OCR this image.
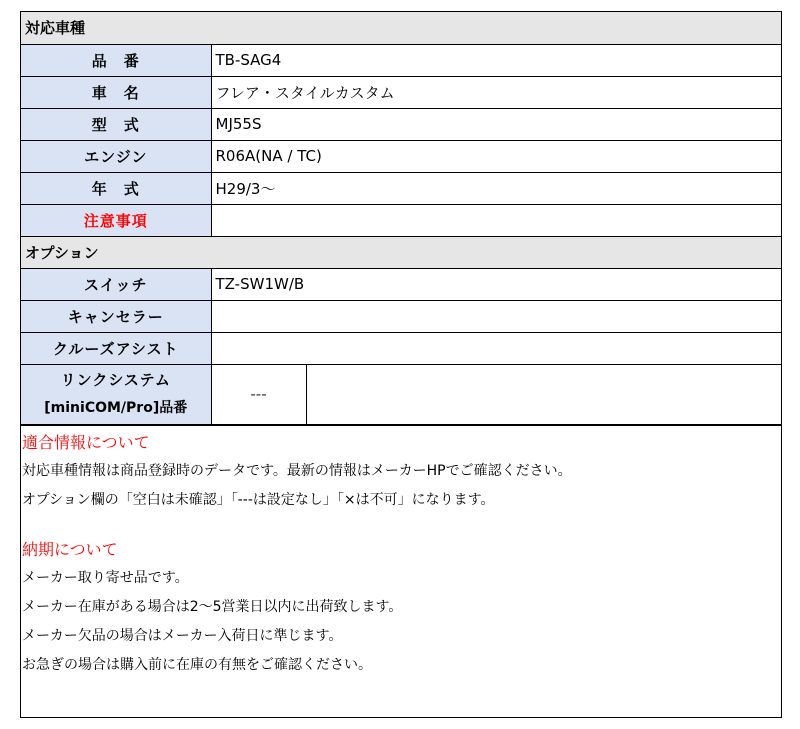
対応車種		
品　番	TB-SAG4	
車　名	フレア・スタイルカスタム	
型　式	MJ55S	
エンジン	R06A(NA / TC)	
年　式	H29/3〜	
注意事項		
オプション		
スイッチ	TZ-SW1W/B	
キャンセラー		
クルーズアシスト		

リンクシステム
[miniCOM/Pro]品番	---	
適合情報について
対応車種情報は商品登録時のデータです。最新の情報はメーカーHPでご確認ください。
オプション欄の「空白は未確認」「---は設定なし」「×は不可」になります。
納期について
メーカー取り寄せ品です。
メーカー在庫がある場合は2〜5営業日以内に出荷致します。
メーカー欠品の場合はメーカー入荷日に準じます。
お急ぎの場合は購入前に在庫の有無をご確認ください。
